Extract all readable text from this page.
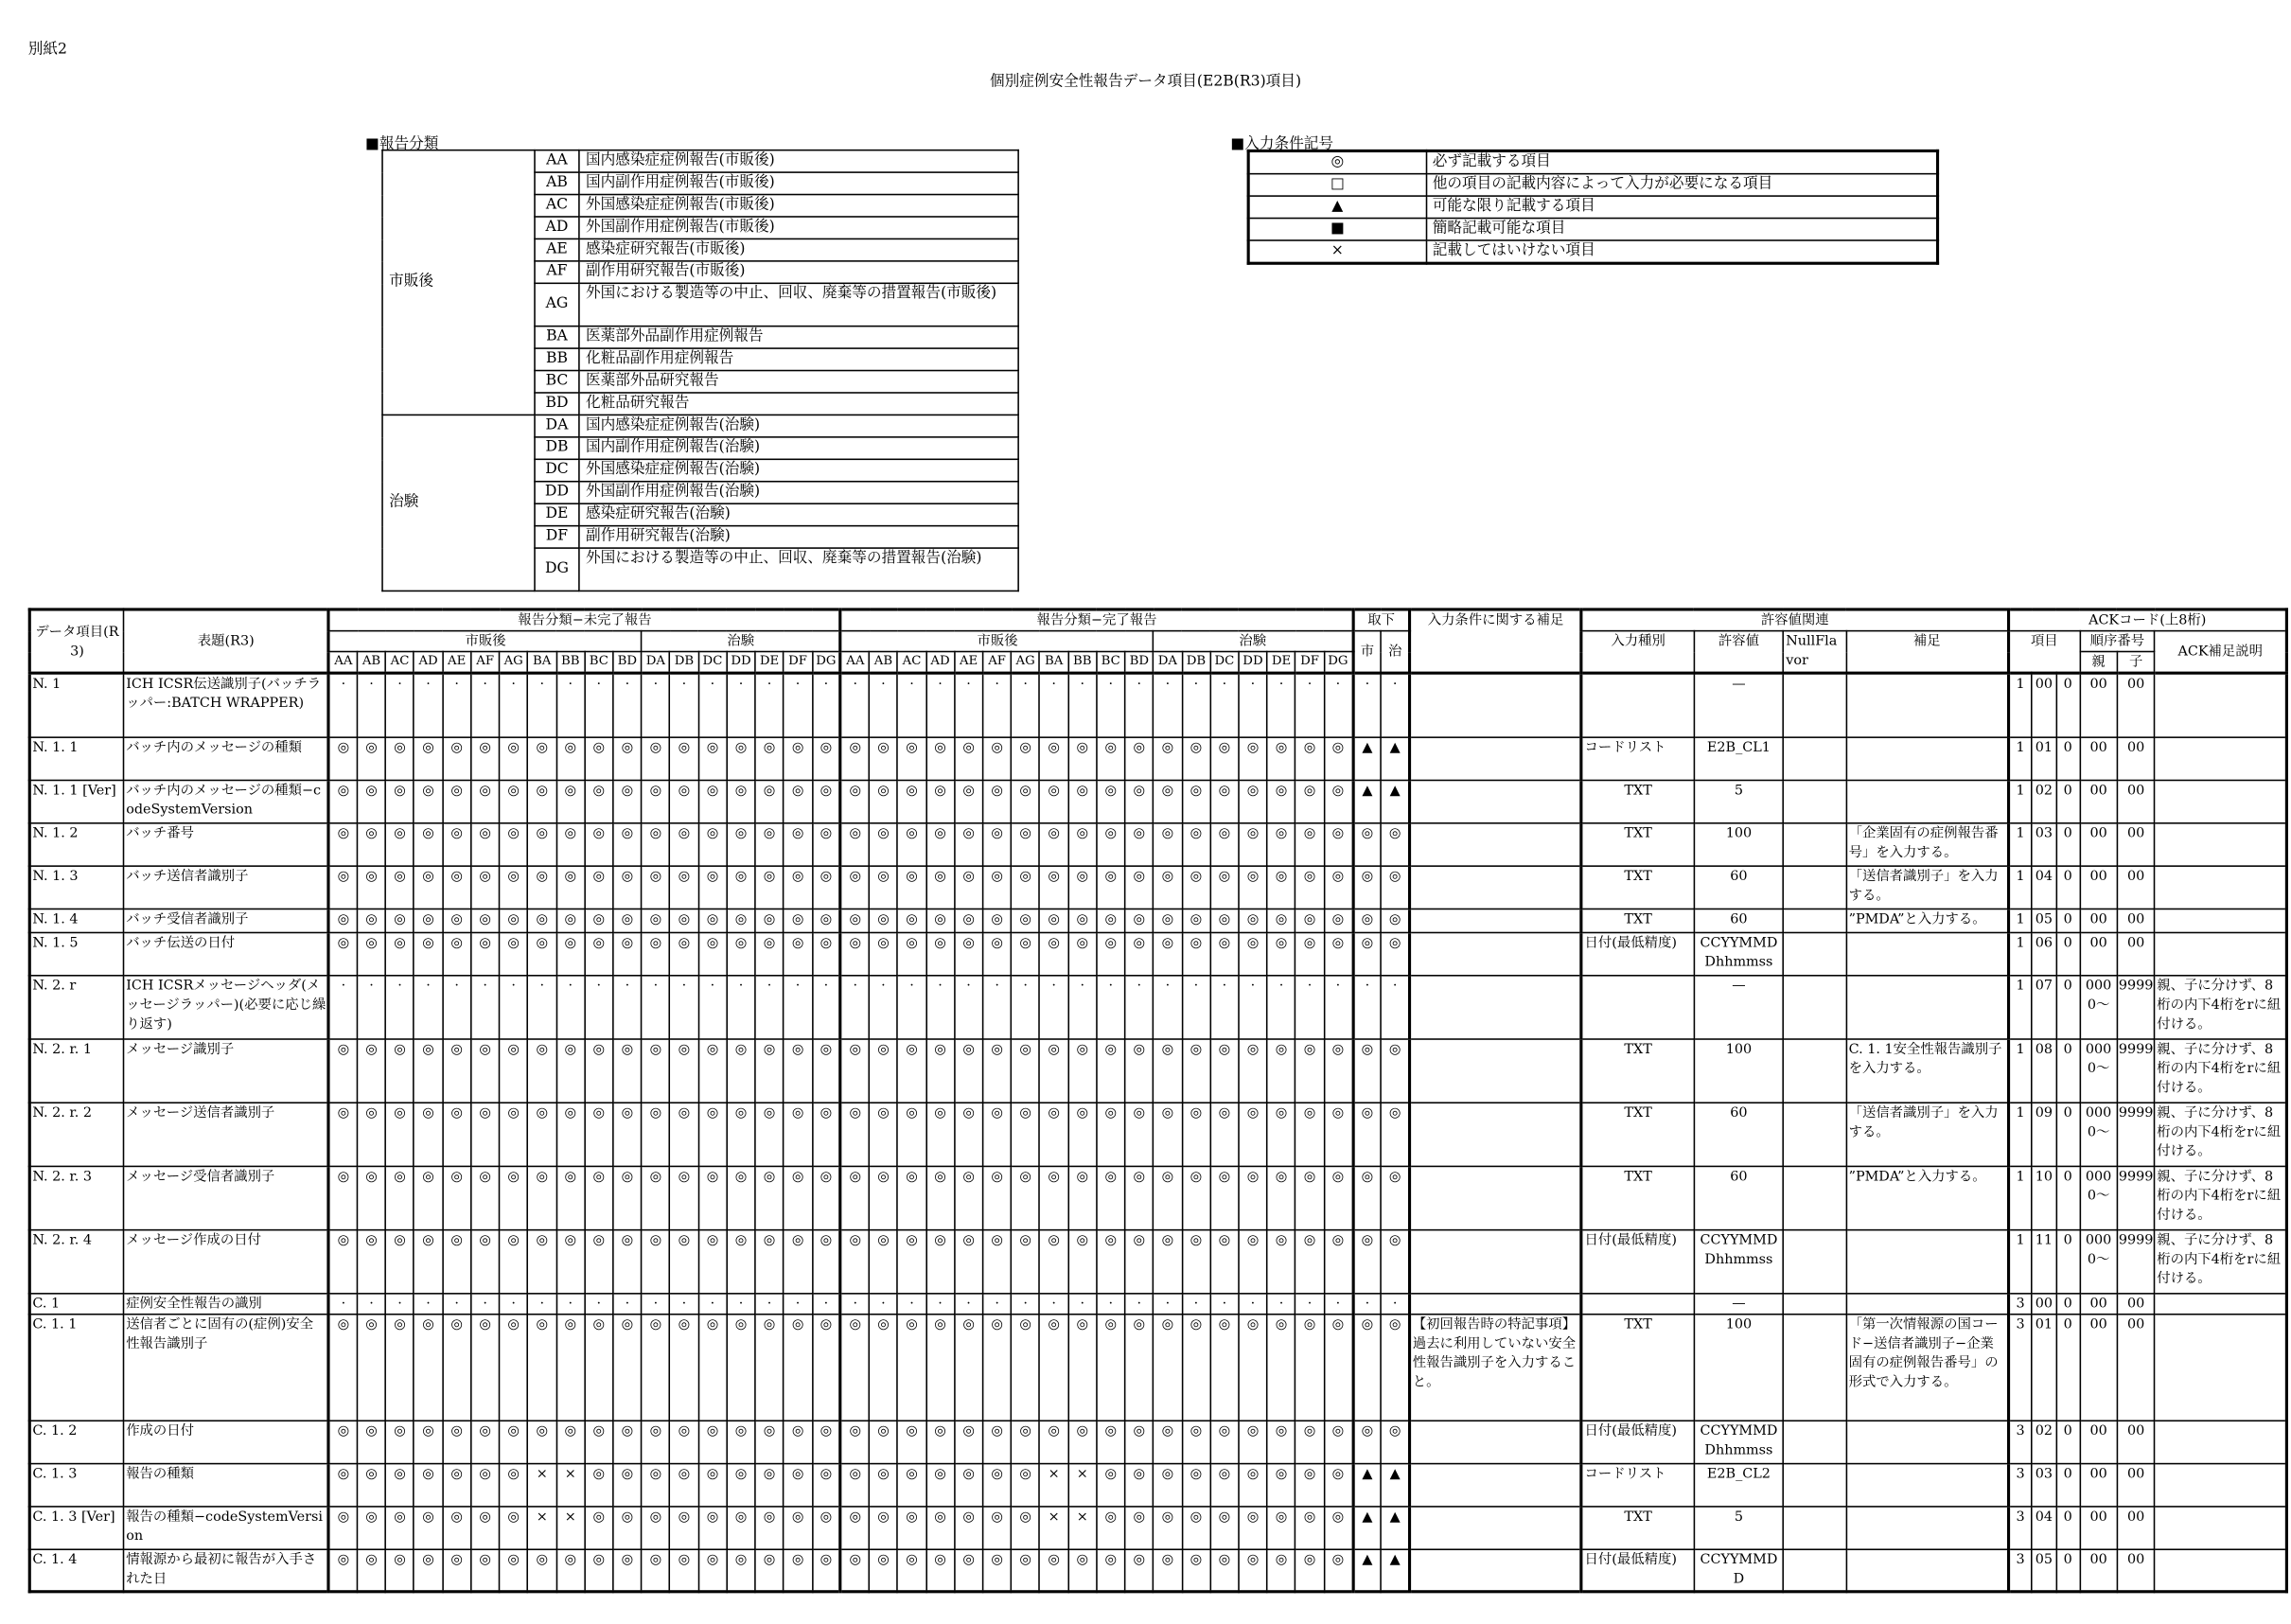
別紙2
個別症例安全性報告データ項目(E2B(R3)項目)
■報告分類
市販後	AA	国内感染症症例報告(市販後)
	AB	国内副作用症例報告(市販後)
	AC	外国感染症症例報告(市販後)
	AD	外国副作用症例報告(市販後)
	AE	感染症研究報告(市販後)
	AF	副作用研究報告(市販後)
	AG	外国における製造等の中止、回収、廃棄等の措置報告(市販後)
	BA	医薬部外品副作用症例報告
	BB	化粧品副作用症例報告
	BC	医薬部外品研究報告
	BD	化粧品研究報告
治験	DA	国内感染症症例報告(治験)
	DB	国内副作用症例報告(治験)
	DC	外国感染症症例報告(治験)
	DD	外国副作用症例報告(治験)
	DE	感染症研究報告(治験)
	DF	副作用研究報告(治験)
	DG	外国における製造等の中止、回収、廃棄等の措置報告(治験)
■入力条件記号
◎	必ず記載する項目
□	他の項目の記載内容によって入力が必要になる項目
▲	可能な限り記載する項目
■	簡略記載可能な項目
×	記載してはいけない項目
データ項目(R3)	表題(R3)	報告分類−未完了報告																		報告分類−完了報告																		取下		入力条件に関する補足	許容値関連				ACKコード(上8桁)					
		市販後											治験							市販後											治験							市	治		入力種別	許容値	NullFlavor	補足	項目			順序番号		ACK補足説明
		AA	AB	AC	AD	AE	AF	AG	BA	BB	BC	BD	DA	DB	DC	DD	DE	DF	DG	AA	AB	AC	AD	AE	AF	AG	BA	BB	BC	BD	DA	DB	DC	DD	DE	DF	DG											親	子	
N. 1	ICH ICSR伝送識別子(バッチラッパー:BATCH WRAPPER)	·	·	·	·	·	·	·	·	·	·	·	·	·	·	·	·	·	·	·	·	·	·	·	·	·	·	·	·	·	·	·	·	·	·	·	·	·	·			—			1	00	0	00	00	
N. 1. 1	バッチ内のメッセージの種類	◎	◎	◎	◎	◎	◎	◎	◎	◎	◎	◎	◎	◎	◎	◎	◎	◎	◎	◎	◎	◎	◎	◎	◎	◎	◎	◎	◎	◎	◎	◎	◎	◎	◎	◎	◎	▲	▲		コードリスト	E2B_CL1			1	01	0	00	00	
N. 1. 1 [Ver]	バッチ内のメッセージの種類−codeSystemVersion	◎	◎	◎	◎	◎	◎	◎	◎	◎	◎	◎	◎	◎	◎	◎	◎	◎	◎	◎	◎	◎	◎	◎	◎	◎	◎	◎	◎	◎	◎	◎	◎	◎	◎	◎	◎	▲	▲		TXT	5			1	02	0	00	00	
N. 1. 2	バッチ番号	◎	◎	◎	◎	◎	◎	◎	◎	◎	◎	◎	◎	◎	◎	◎	◎	◎	◎	◎	◎	◎	◎	◎	◎	◎	◎	◎	◎	◎	◎	◎	◎	◎	◎	◎	◎	◎	◎		TXT	100		「企業固有の症例報告番号」を入力する。	1	03	0	00	00	
N. 1. 3	バッチ送信者識別子	◎	◎	◎	◎	◎	◎	◎	◎	◎	◎	◎	◎	◎	◎	◎	◎	◎	◎	◎	◎	◎	◎	◎	◎	◎	◎	◎	◎	◎	◎	◎	◎	◎	◎	◎	◎	◎	◎		TXT	60		「送信者識別子」を入力する。	1	04	0	00	00	
N. 1. 4	バッチ受信者識別子	◎	◎	◎	◎	◎	◎	◎	◎	◎	◎	◎	◎	◎	◎	◎	◎	◎	◎	◎	◎	◎	◎	◎	◎	◎	◎	◎	◎	◎	◎	◎	◎	◎	◎	◎	◎	◎	◎		TXT	60		”PMDA”と入力する。	1	05	0	00	00	
N. 1. 5	バッチ伝送の日付	◎	◎	◎	◎	◎	◎	◎	◎	◎	◎	◎	◎	◎	◎	◎	◎	◎	◎	◎	◎	◎	◎	◎	◎	◎	◎	◎	◎	◎	◎	◎	◎	◎	◎	◎	◎	◎	◎		日付(最低精度)	CCYYMMDDhhmmss			1	06	0	00	00	
N. 2. r	ICH ICSRメッセージヘッダ(メッセージラッパー)(必要に応じ繰り返す)	·	·	·	·	·	·	·	·	·	·	·	·	·	·	·	·	·	·	·	·	·	·	·	·	·	·	·	·	·	·	·	·	·	·	·	·	·	·			—			1	07	0	0000〜	9999	親、子に分けず、8桁の内下4桁をrに紐付ける。
N. 2. r. 1	メッセージ識別子	◎	◎	◎	◎	◎	◎	◎	◎	◎	◎	◎	◎	◎	◎	◎	◎	◎	◎	◎	◎	◎	◎	◎	◎	◎	◎	◎	◎	◎	◎	◎	◎	◎	◎	◎	◎	◎	◎		TXT	100		C. 1. 1安全性報告識別子を入力する。	1	08	0	0000〜	9999	親、子に分けず、8桁の内下4桁をrに紐付ける。
N. 2. r. 2	メッセージ送信者識別子	◎	◎	◎	◎	◎	◎	◎	◎	◎	◎	◎	◎	◎	◎	◎	◎	◎	◎	◎	◎	◎	◎	◎	◎	◎	◎	◎	◎	◎	◎	◎	◎	◎	◎	◎	◎	◎	◎		TXT	60		「送信者識別子」を入力する。	1	09	0	0000〜	9999	親、子に分けず、8桁の内下4桁をrに紐付ける。
N. 2. r. 3	メッセージ受信者識別子	◎	◎	◎	◎	◎	◎	◎	◎	◎	◎	◎	◎	◎	◎	◎	◎	◎	◎	◎	◎	◎	◎	◎	◎	◎	◎	◎	◎	◎	◎	◎	◎	◎	◎	◎	◎	◎	◎		TXT	60		”PMDA”と入力する。	1	10	0	0000〜	9999	親、子に分けず、8桁の内下4桁をrに紐付ける。
N. 2. r. 4	メッセージ作成の日付	◎	◎	◎	◎	◎	◎	◎	◎	◎	◎	◎	◎	◎	◎	◎	◎	◎	◎	◎	◎	◎	◎	◎	◎	◎	◎	◎	◎	◎	◎	◎	◎	◎	◎	◎	◎	◎	◎		日付(最低精度)	CCYYMMDDhhmmss			1	11	0	0000〜	9999	親、子に分けず、8桁の内下4桁をrに紐付ける。
C. 1	症例安全性報告の識別	·	·	·	·	·	·	·	·	·	·	·	·	·	·	·	·	·	·	·	·	·	·	·	·	·	·	·	·	·	·	·	·	·	·	·	·	·	·			—			3	00	0	00	00	
C. 1. 1	送信者ごとに固有の(症例)安全性報告識別子	◎	◎	◎	◎	◎	◎	◎	◎	◎	◎	◎	◎	◎	◎	◎	◎	◎	◎	◎	◎	◎	◎	◎	◎	◎	◎	◎	◎	◎	◎	◎	◎	◎	◎	◎	◎	◎	◎	【初回報告時の特記事項】過去に利用していない安全性報告識別子を入力すること。	TXT	100		「第一次情報源の国コード−送信者識別子−企業固有の症例報告番号」の形式で入力する。	3	01	0	00	00	
C. 1. 2	作成の日付	◎	◎	◎	◎	◎	◎	◎	◎	◎	◎	◎	◎	◎	◎	◎	◎	◎	◎	◎	◎	◎	◎	◎	◎	◎	◎	◎	◎	◎	◎	◎	◎	◎	◎	◎	◎	◎	◎		日付(最低精度)	CCYYMMDDhhmmss			3	02	0	00	00	
C. 1. 3	報告の種類	◎	◎	◎	◎	◎	◎	◎	×	×	◎	◎	◎	◎	◎	◎	◎	◎	◎	◎	◎	◎	◎	◎	◎	◎	×	×	◎	◎	◎	◎	◎	◎	◎	◎	◎	▲	▲		コードリスト	E2B_CL2			3	03	0	00	00	
C. 1. 3 [Ver]	報告の種類−codeSystemVersion	◎	◎	◎	◎	◎	◎	◎	×	×	◎	◎	◎	◎	◎	◎	◎	◎	◎	◎	◎	◎	◎	◎	◎	◎	×	×	◎	◎	◎	◎	◎	◎	◎	◎	◎	▲	▲		TXT	5			3	04	0	00	00	
C. 1. 4	情報源から最初に報告が入手された日	◎	◎	◎	◎	◎	◎	◎	◎	◎	◎	◎	◎	◎	◎	◎	◎	◎	◎	◎	◎	◎	◎	◎	◎	◎	◎	◎	◎	◎	◎	◎	◎	◎	◎	◎	◎	▲	▲		日付(最低精度)	CCYYMMDD			3	05	0	00	00	
